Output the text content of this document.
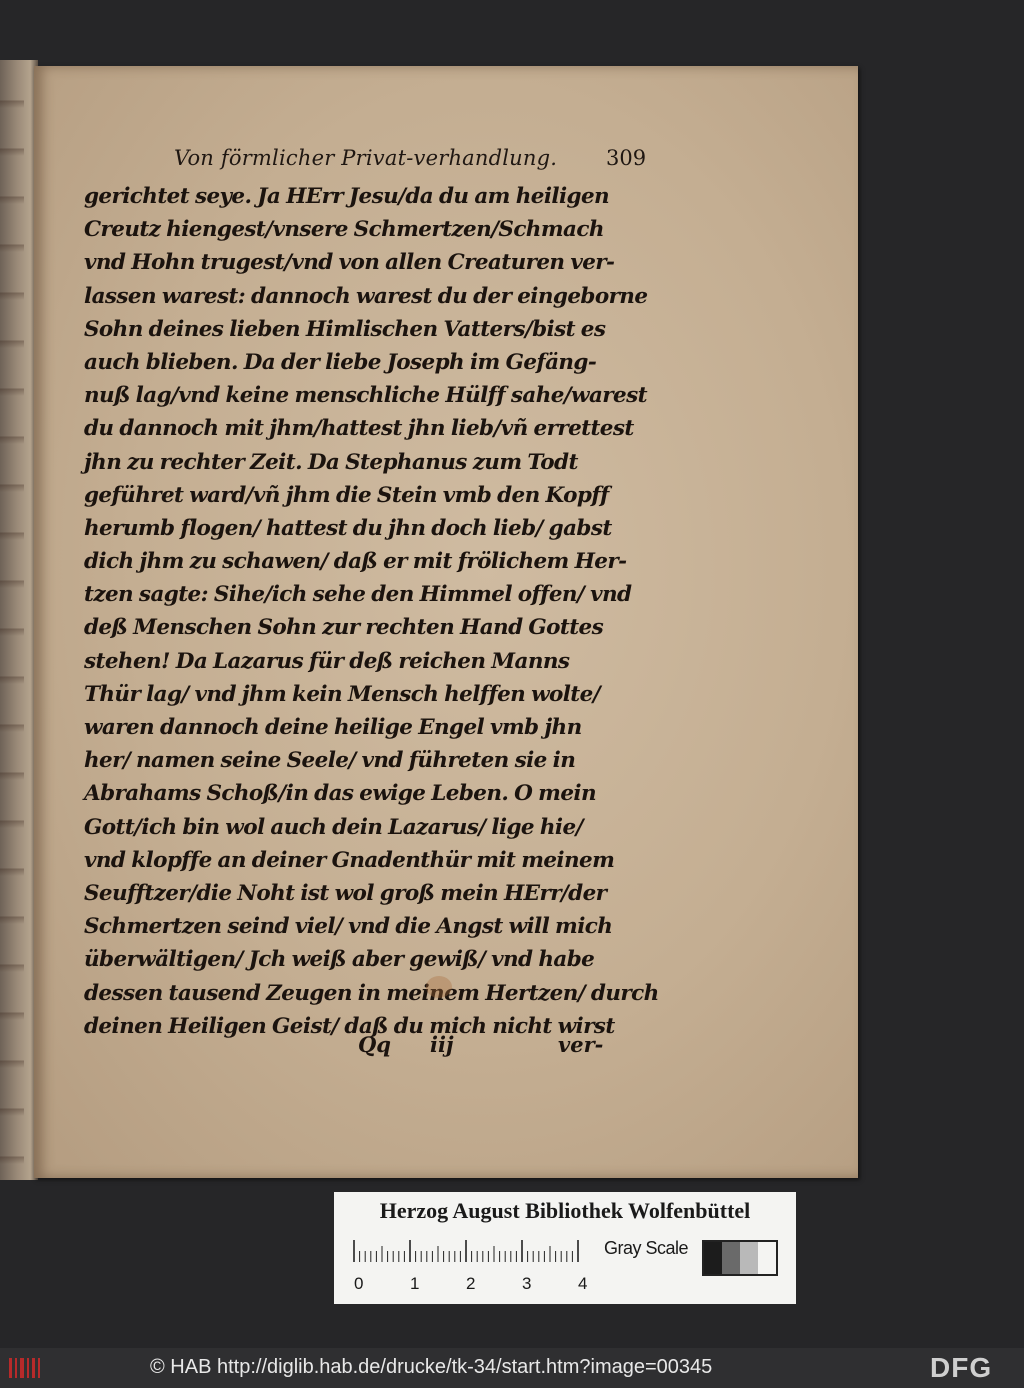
Von förmlicher Privat-verhandlung.	309
gerichtet seye. Ja HErr Jesu/da du am heiligen
Creutz hiengest/vnsere Schmertzen/Schmach
vnd Hohn trugest/vnd von allen Creaturen ver-
lassen warest: dannoch warest du der eingeborne
Sohn deines lieben Himlischen Vatters/bist es
auch blieben. Da der liebe Joseph im Gefäng-
nuß lag/vnd keine menschliche Hülff sahe/warest
du dannoch mit jhm/hattest jhn lieb/vñ errettest
jhn zu rechter Zeit. Da Stephanus zum Todt
geführet ward/vñ jhm die Stein vmb den Kopff
herumb flogen/ hattest du jhn doch lieb/ gabst
dich jhm zu schawen/ daß er mit frölichem Her-
tzen sagte: Sihe/ich sehe den Himmel offen/ vnd
deß Menschen Sohn zur rechten Hand Gottes
stehen! Da Lazarus für deß reichen Manns
Thür lag/ vnd jhm kein Mensch helffen wolte/
waren dannoch deine heilige Engel vmb jhn
her/ namen seine Seele/ vnd führeten sie in
Abrahams Schoß/in das ewige Leben. O mein
Gott/ich bin wol auch dein Lazarus/ lige hie/
vnd klopffe an deiner Gnadenthür mit meinem
Seufftzer/die Noht ist wol groß mein HErr/der
Schmertzen seind viel/ vnd die Angst will mich
überwältigen/ Jch weiß aber gewiß/ vnd habe
dessen tausend Zeugen in meinem Hertzen/ durch
deinen Heiligen Geist/ daß du mich nicht wirst
Qq iij	ver-
Herzog August Bibliothek Wolfenbüttel
0	1	2	3	4
Gray Scale
© HAB http://diglib.hab.de/drucke/tk-34/start.htm?image=00345	DFG
